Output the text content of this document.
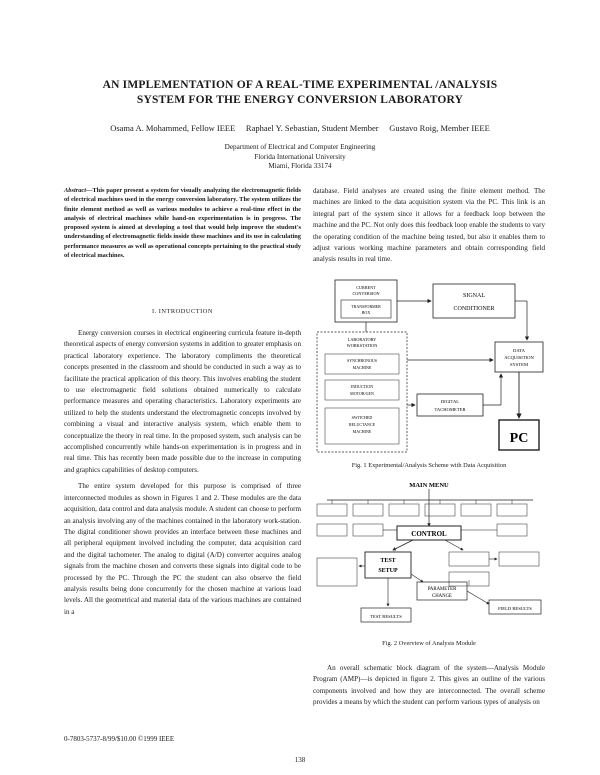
AN IMPLEMENTATION OF A REAL-TIME EXPERIMENTAL /ANALYSIS
SYSTEM FOR THE ENERGY CONVERSION LABORATORY
Osama A. Mohammed, Fellow IEEE     Raphael Y. Sebastian, Student Member     Gustavo Roig, Member IEEE
Department of Electrical and Computer Engineering
Florida International University
Miami, Florida 33174
Abstract—This paper present a system for visually analyzing the electromagnetic fields of electrical machines used in the energy conversion laboratory. The system utilizes the finite element method as well as various modules to achieve a real-time effect in the analysis of electrical machines while hand-on experimentation is in progress. The proposed system is aimed at developing a tool that would help improve the student's understanding of electromagnetic fields inside these machines and its use in calculating performance measures as well as operational concepts pertaining to the practical study of electrical machines.
I. INTRODUCTION

Energy conversion courses in electrical engineering curricula feature in-depth theoretical aspects of energy conversion systems in addition to greater emphasis on practical laboratory experience. The laboratory compliments the theoretical concepts presented in the classroom and should be conducted in such a way as to facilitate the practical application of this theory. This involves enabling the student to use electromagnetic field solutions obtained numerically to calculate performance measures and operating characteristics. Laboratory experiments are utilized to help the students understand the electromagnetic concepts involved by combining a visual and interactive analysis system, which enable them to conceptualize the theory in real time. In the proposed system, such analysis can be accomplished concurrently while hands-on experimentation is in progress and in real time. This has recently been made possible due to the increase in computing and graphics capabilities of desktop computers.

The entire system developed for this purpose is comprised of three interconnected modules as shown in Figures 1 and 2. These modules are the data acquisition, data control and data analysis module. A student can choose to perform an analysis involving any of the machines contained in the laboratory work-station. The digital conditioner shown provides an interface between these machines and all peripheral equipment involved including the computer, data acquisition card and the digital tachometer. The analog to digital (A/D) converter acquires analog signals from the machine chosen and converts these signals into digital code to be processed by the PC. Through the PC the student can also observe the field analysis results being done concurrently for the chosen machine at various load levels. All the geometrical and material data of the various machines are contained in a

0-7803-5737-8/99/$10.00 ©1999 IEEE
database. Field analyses are created using the finite element method. The machines are linked to the data acquisition system via the PC. This link is an integral part of the system since it allows for a feedback loop between the machine and the PC. Not only does this feedback loop enable the students to vary the operating condition of the machine being tested, but also it enables them to adjust various working machine parameters and obtain corresponding field analysis results in real time.
CURRENT
CONVERSION
TRANSFORMER
BOX
SIGNAL
CONDITIONER
LABORATORY
WORKSTATION
SYNCHRONOUS
MACHINE
INDUCTION
MOTOR/GEN
SWITCHED
RELUCTANCE
MACHINE
DATA
ACQUISITION
SYSTEM
DIGITAL
TACHOMETER
PC
Fig. 1 Experimental/Analysis Scheme with Data Acquisition
MAIN MENU
CONTROL
TEST
SETUP
PARAMETER
CHANGE
TEST RESULTS
FIELD RESULTS
Fig. 2 Overview of Analysis Module

An overall schematic block diagram of the system—Analysis Module Program (AMP)—is depicted in figure 2. This gives an outline of the various components involved and how they are interconnected. The overall scheme provides a means by which the student can perform various types of analysis on

138
